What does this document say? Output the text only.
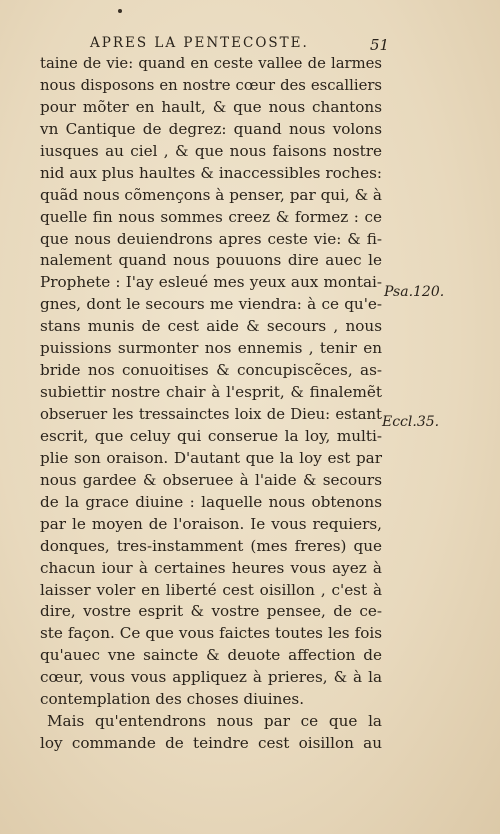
APRES LA PENTECOSTE.	51
taine de vie: quand en ceste vallee de larmes
nous disposons en nostre cœur des escalliers
pour mõter en hault, & que nous chantons
vn Cantique de degrez: quand nous volons
iusques au ciel , & que nous faisons nostre
nid aux plus haultes & inaccessibles roches:
quãd nous cõmençons à penser, par qui, & à
quelle fin nous sommes creez & formez : ce
que nous deuiendrons apres ceste vie: & fi-
nalement quand nous pouuons dire auec le
Prophete : I'ay esleué mes yeux aux montai-
gnes, dont le secours me viendra: à ce qu'e-
stans munis de cest aide & secours , nous
puissions surmonter nos ennemis , tenir en
bride nos conuoitises & concupiscẽces, as-
subiettir nostre chair à l'esprit, & finalemẽt
obseruer les tressainctes loix de Dieu: estant
escrit, que celuy qui conserue la loy, multi-
plie son oraison. D'autant que la loy est par
nous gardee & obseruee à l'aide & secours
de la grace diuine : laquelle nous obtenons
par le moyen de l'oraison. Ie vous requiers,
donques, tres-instamment (mes freres) que
chacun iour à certaines heures vous ayez à
laisser voler en liberté cest oisillon , c'est à
dire, vostre esprit & vostre pensee, de ce-
ste façon. Ce que vous faictes toutes les fois
qu'auec vne saincte & deuote affection de
cœur, vous vous appliquez à prieres, & à la
contemplation des choses diuines.
Mais qu'entendrons nous par ce que la
loy commande de teindre cest oisillon au
Psa.120.
Eccl.35.
